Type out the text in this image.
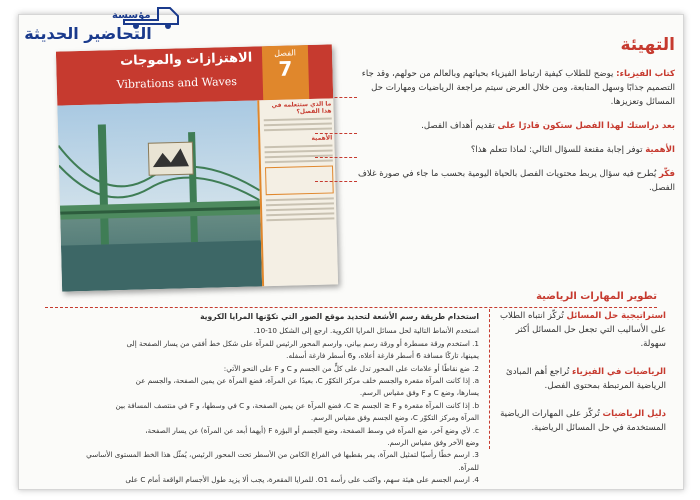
الفصل
7
الاهتزازات والموجات
Vibrations and Waves
ما الذي ستتعلمه في هذا الفصل؟
الأهمية
التهيئة

كتاب الفيزياء: يوضح للطلاب كيفية ارتباط الفيزياء بحياتهم وبالعالم من حولهم، وقد جاء التصميم جذابًا وسهل المتابعة، ومن خلال العرض سيتم مراجعة الرياضيات ومهارات حل المسائل وتعزيزها.

بعد دراستك لهذا الفصل ستكون قادرًا على تقديم أهداف الفصل.

الأهمية توفر إجابة مقنعة للسؤال التالي: لماذا تتعلم هذا؟

فكّر يُطرح فيه سؤال يربط محتويات الفصل بالحياة اليومية بحسب ما جاء في صورة غلاف الفصل.

تطوير المهارات الرياضية
استخدام طريقة رسم الأشعة لتحديد موقع الصور التي تكوّنها المرايا الكروية
استخدم الأنماط التالية لحل مسائل المرايا الكروية. ارجع إلى الشكل 10-10.
1. استخدم ورقة مسطرة أو ورقة رسم بياني، وارسم المحور الرئيس للمرآة على شكل خط أفقي من يسار الصفحة إلى
يمينها، تاركًا مسافة 6 أسطر فارغة أعلاه، و6 أسطر فارغة أسفله.
2. ضع نقاطًا أو علامات على المحور تدل على كلٍّ من الجسم و C و F على النحو الآتي:
a. إذا كانت المرآة مقعرة والجسم خلف مركز التكوّر C، بعيدًا عن المرآة، فضع المرآة عن يمين الصفحة، والجسم عن
يسارها، وضع C و F وفق مقياس الرسم.
b. إذا كانت المرآة مقعرة و F ≤ الجسم ≤ C، فضع المرآة عن يمين الصفحة، و C في وسطها، و F في منتصف المسافة بين
المرآة ومركز التكوّر C، وضع الجسم وفق مقياس الرسم.
c. لأي وضع آخر، ضع المرآة في وسط الصفحة، وضع الجسم أو البؤرة F (أيهما أبعد عن المرآة) عن يسار الصفحة،
وضع الآخر وفق مقياس الرسم.
3. ارسم خطًا رأسيًا لتمثيل المرآة، يمر بقطبها في الفراغ الكامن من الأسطر تحت المحور الرئيس، يُمثّل هذا الخط المستوى الأساسي
للمرآة.
4. ارسم الجسم على هيئة سهم، واكتب على رأسه O1. للمرايا المقعرة، يجب ألا يزيد طول الأجسام الواقعة أمام C على

استراتيجية حل المسائل تُركّز انتباه الطلاب على الأساليب التي تجعل حل المسائل أكثر سهولة.

الرياضيات في الفيزياء تُراجع أهم المبادئ الرياضية المرتبطة بمحتوى الفصل.

دليل الرياضيات تُركّز على المهارات الرياضية المستخدمة في حل المسائل الرياضية.

مؤسسة
التحاضير الحديثة
